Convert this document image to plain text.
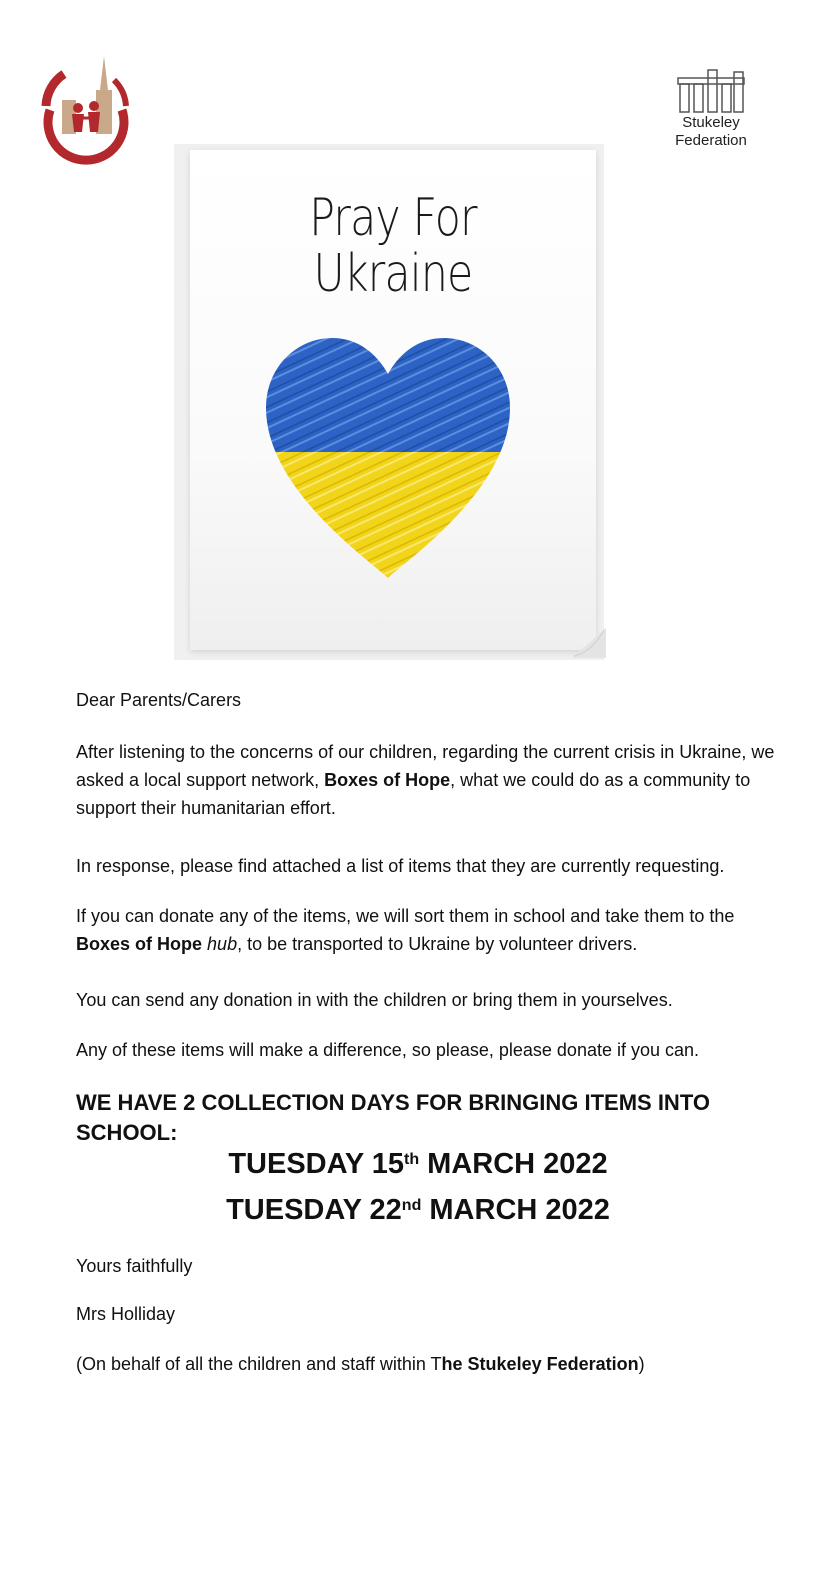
Stukeley
Federation
Pray For
Ukraine

Dear Parents/Carers

After listening to the concerns of our children, regarding the current crisis in Ukraine, we asked a local support network, Boxes of Hope, what we could do as a community to support their humanitarian effort.

In response, please find attached a list of items that they are currently requesting.

If you can donate any of the items, we will sort them in school and take them to the Boxes of Hope hub, to be transported to Ukraine by volunteer drivers.

You can send any donation in with the children or bring them in yourselves.

Any of these items will make a difference, so please, please donate if you can.

WE HAVE 2 COLLECTION DAYS FOR BRINGING ITEMS INTO SCHOOL:
TUESDAY 15th MARCH 2022
TUESDAY 22nd MARCH 2022

Yours faithfully

Mrs Holliday

(On behalf of all the children and staff within The Stukeley Federation)
